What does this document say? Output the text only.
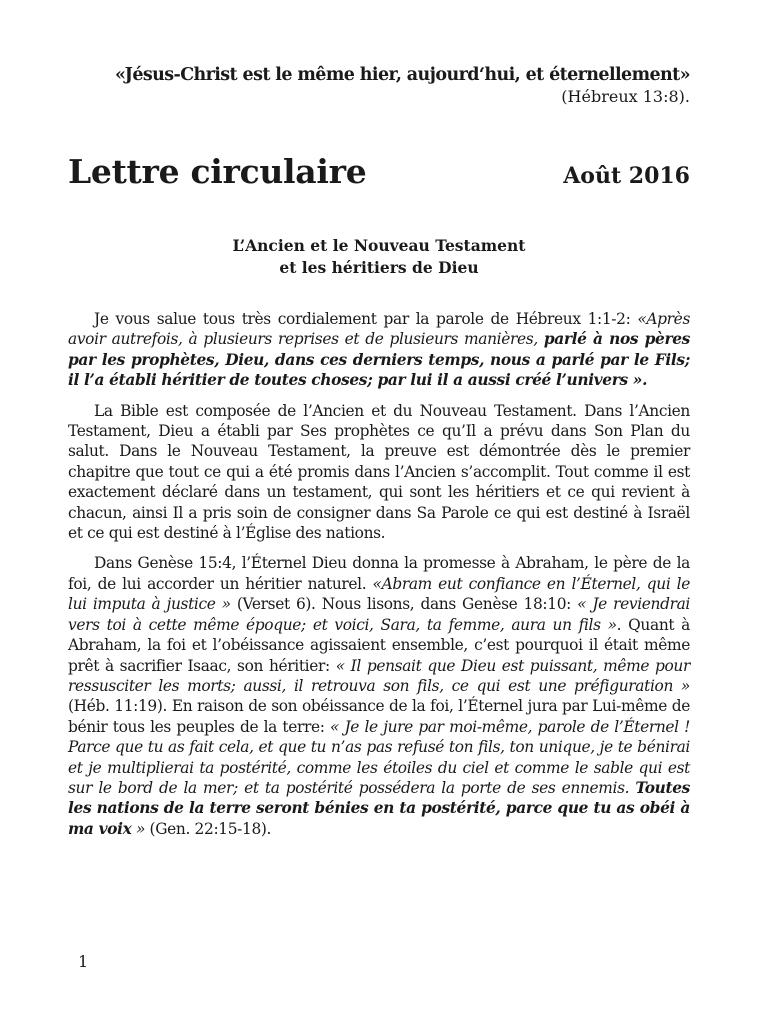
«Jésus-Christ est le même hier, aujourd‘hui, et éternellement»
(Hébreux 13:8).
Lettre circulaire	Août 2016
L’Ancien et le Nouveau Testament
et les héritiers de Dieu

Je vous salue tous très cordialement par la parole de Hébreux 1:1-2: «Après avoir autrefois, à plusieurs reprises et de plusieurs manières, parlé à nos pères par les prophètes, Dieu, dans ces derniers temps, nous a parlé par le Fils; il l’a établi héritier de toutes choses; par lui il a aussi créé l’univers ».

La Bible est composée de l’Ancien et du Nouveau Testament. Dans l’Ancien Testament, Dieu a établi par Ses prophètes ce qu’Il a prévu dans Son Plan du salut. Dans le Nouveau Testament, la preuve est démontrée dès le premier chapitre que tout ce qui a été promis dans l’Ancien s’accomplit. Tout comme il est exactement déclaré dans un testament, qui sont les héritiers et ce qui revient à chacun, ainsi Il a pris soin de consigner dans Sa Parole ce qui est destiné à Israël et ce qui est destiné à l’Église des nations.

Dans Genèse 15:4, l’Éternel Dieu donna la promesse à Abraham, le père de la foi, de lui accorder un héritier naturel. «Abram eut confiance en l’Éternel, qui le lui imputa à justice » (Verset 6). Nous lisons, dans Genèse 18:10: « Je reviendrai vers toi à cette même époque; et voici, Sara, ta femme, aura un fils ». Quant à Abraham, la foi et l’obéissance agissaient ensemble, c’est pourquoi il était même prêt à sacrifier Isaac, son héritier: « Il pensait que Dieu est puissant, même pour ressusciter les morts; aussi, il retrouva son fils, ce qui est une préfiguration » (Héb. 11:19). En raison de son obéissance de la foi, l’Éternel jura par Lui-même de bénir tous les peuples de la terre: « Je le jure par moi-même, parole de l’Éternel ! Parce que tu as fait cela, et que tu n’as pas refusé ton fils, ton unique, je te bénirai et je multiplierai ta postérité, comme les étoiles du ciel et comme le sable qui est sur le bord de la mer; et ta postérité possédera la porte de ses ennemis. Toutes les nations de la terre seront bénies en ta postérité, parce que tu as obéi à ma voix » (Gen. 22:15-18).

1
